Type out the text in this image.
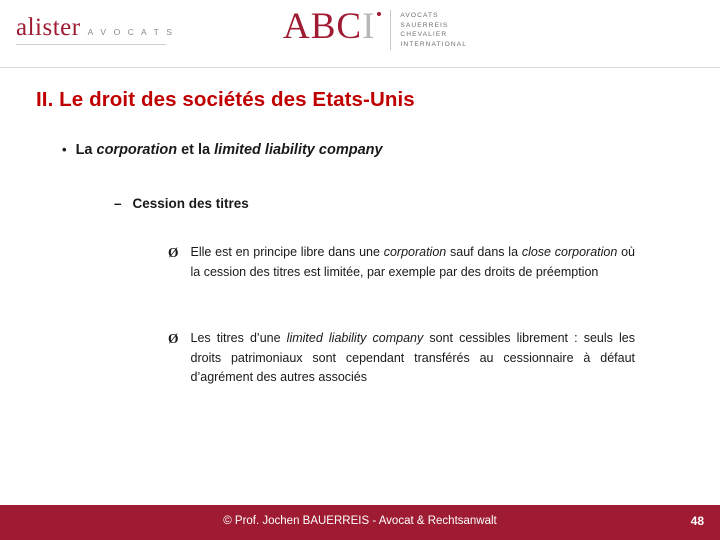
alister A V O C A T S	ABC I	AVOCATS
SAUERREIS
CHEVALIER
INTERNATIONAL
II. Le droit des sociétés des Etats-Unis
• La corporation et la limited liability company
– Cession des titres
Ø Elle est en principe libre dans une corporation sauf dans la close corporation où la cession des titres est limitée, par exemple par des droits de préemption
Ø Les titres d’une limited liability company sont cessibles librement : seuls les droits patrimoniaux sont cependant transférés au cessionnaire à défaut d’agrément des autres associés
© Prof. Jochen BAUERREIS - Avocat & Rechtsanwalt	48
